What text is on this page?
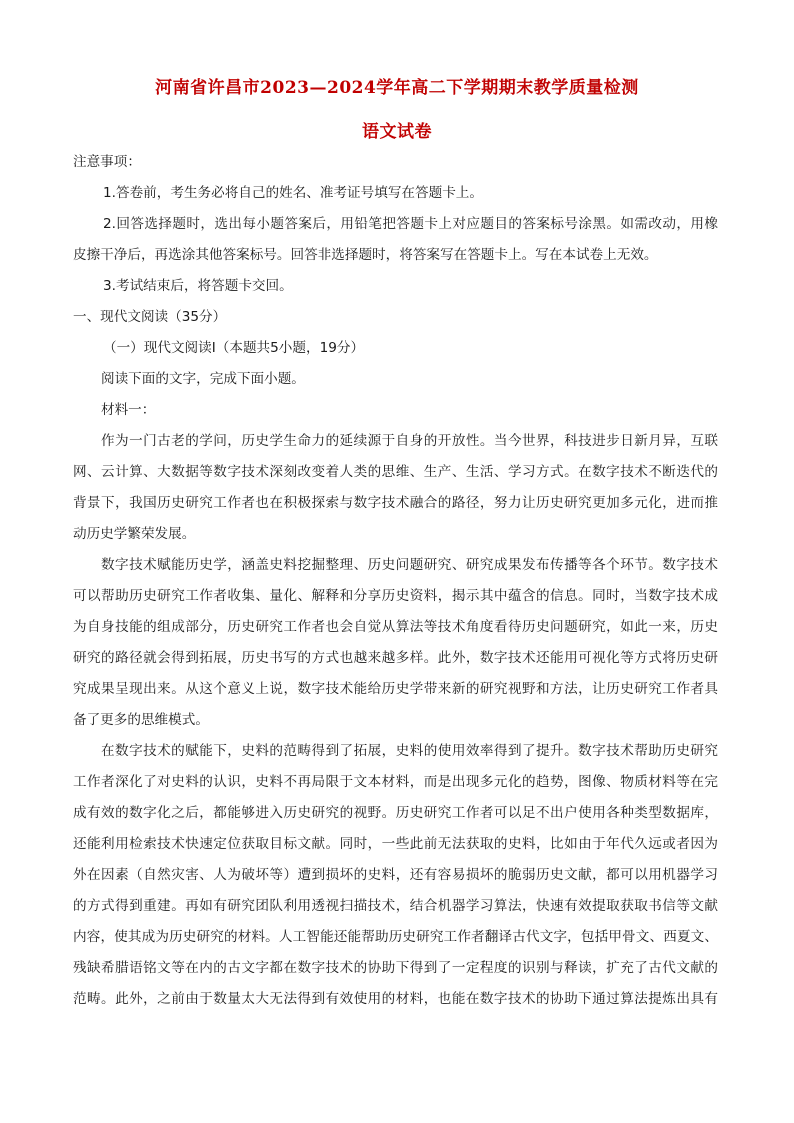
河南省许昌市2023—2024学年高二下学期期末教学质量检测
语文试卷
注意事项：
1.答卷前，考生务必将自己的姓名、准考证号填写在答题卡上。
2.回答选择题时，选出每小题答案后，用铅笔把答题卡上对应题目的答案标号涂黑。如需改动，用橡
皮擦干净后，再选涂其他答案标号。回答非选择题时，将答案写在答题卡上。写在本试卷上无效。
3.考试结束后，将答题卡交回。
一、现代文阅读（35分）
（一）现代文阅读Ⅰ（本题共5小题，19分）
阅读下面的文字，完成下面小题。
材料一：
作为一门古老的学问，历史学生命力的延续源于自身的开放性。当今世界，科技进步日新月异，互联
网、云计算、大数据等数字技术深刻改变着人类的思维、生产、生活、学习方式。在数字技术不断迭代的
背景下，我国历史研究工作者也在积极探索与数字技术融合的路径，努力让历史研究更加多元化，进而推
动历史学繁荣发展。
数字技术赋能历史学，涵盖史料挖掘整理、历史问题研究、研究成果发布传播等各个环节。数字技术
可以帮助历史研究工作者收集、量化、解释和分享历史资料，揭示其中蕴含的信息。同时，当数字技术成
为自身技能的组成部分，历史研究工作者也会自觉从算法等技术角度看待历史问题研究，如此一来，历史
研究的路径就会得到拓展，历史书写的方式也越来越多样。此外，数字技术还能用可视化等方式将历史研
究成果呈现出来。从这个意义上说，数字技术能给历史学带来新的研究视野和方法，让历史研究工作者具
备了更多的思维模式。
在数字技术的赋能下，史料的范畴得到了拓展，史料的使用效率得到了提升。数字技术帮助历史研究
工作者深化了对史料的认识，史料不再局限于文本材料，而是出现多元化的趋势，图像、物质材料等在完
成有效的数字化之后，都能够进入历史研究的视野。历史研究工作者可以足不出户使用各种类型数据库，
还能利用检索技术快速定位获取目标文献。同时，一些此前无法获取的史料，比如由于年代久远或者因为
外在因素（自然灾害、人为破坏等）遭到损坏的史料，还有容易损坏的脆弱历史文献，都可以用机器学习
的方式得到重建。再如有研究团队利用透视扫描技术，结合机器学习算法，快速有效提取获取书信等文献
内容，使其成为历史研究的材料。人工智能还能帮助历史研究工作者翻译古代文字，包括甲骨文、西夏文、
残缺希腊语铭文等在内的古文字都在数字技术的协助下得到了一定程度的识别与释读，扩充了古代文献的
范畴。此外，之前由于数量太大无法得到有效使用的材料，也能在数字技术的协助下通过算法提炼出具有
